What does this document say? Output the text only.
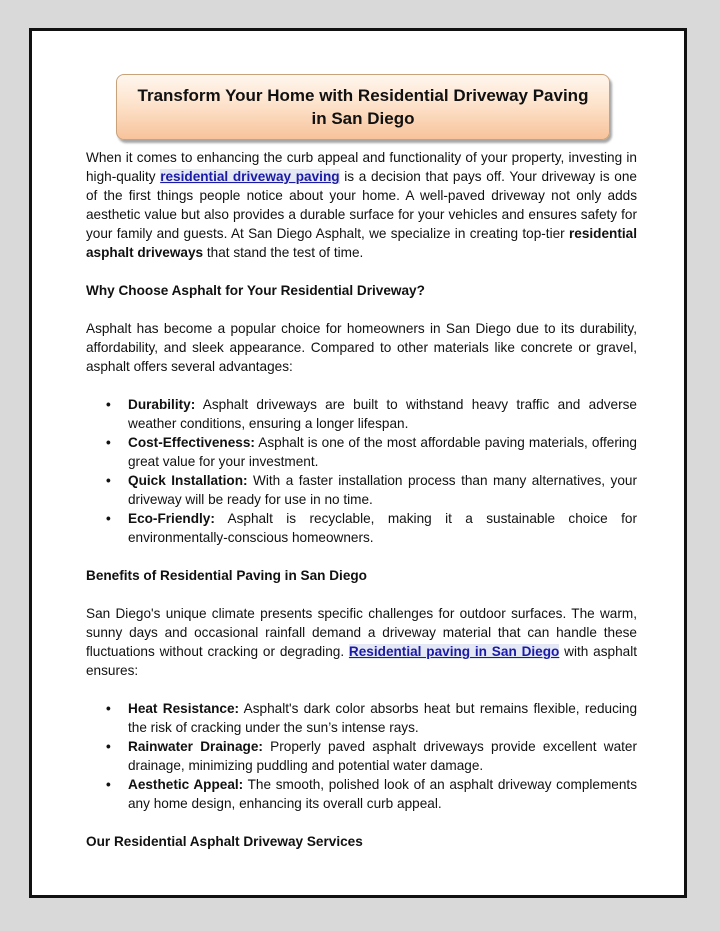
Transform Your Home with Residential Driveway Paving in San Diego

When it comes to enhancing the curb appeal and functionality of your property, investing in high-quality residential driveway paving is a decision that pays off. Your driveway is one of the first things people notice about your home. A well-paved driveway not only adds aesthetic value but also provides a durable surface for your vehicles and ensures safety for your family and guests. At San Diego Asphalt, we specialize in creating top-tier residential asphalt driveways that stand the test of time.

Why Choose Asphalt for Your Residential Driveway?

Asphalt has become a popular choice for homeowners in San Diego due to its durability, affordability, and sleek appearance. Compared to other materials like concrete or gravel, asphalt offers several advantages:

• Durability: Asphalt driveways are built to withstand heavy traffic and adverse weather conditions, ensuring a longer lifespan.
• Cost-Effectiveness: Asphalt is one of the most affordable paving materials, offering great value for your investment.
• Quick Installation: With a faster installation process than many alternatives, your driveway will be ready for use in no time.
• Eco-Friendly: Asphalt is recyclable, making it a sustainable choice for environmentally-conscious homeowners.
Benefits of Residential Paving in San Diego

San Diego's unique climate presents specific challenges for outdoor surfaces. The warm, sunny days and occasional rainfall demand a driveway material that can handle these fluctuations without cracking or degrading. Residential paving in San Diego with asphalt ensures:

• Heat Resistance: Asphalt's dark color absorbs heat but remains flexible, reducing the risk of cracking under the sun’s intense rays.
• Rainwater Drainage: Properly paved asphalt driveways provide excellent water drainage, minimizing puddling and potential water damage.
• Aesthetic Appeal: The smooth, polished look of an asphalt driveway complements any home design, enhancing its overall curb appeal.
Our Residential Asphalt Driveway Services
